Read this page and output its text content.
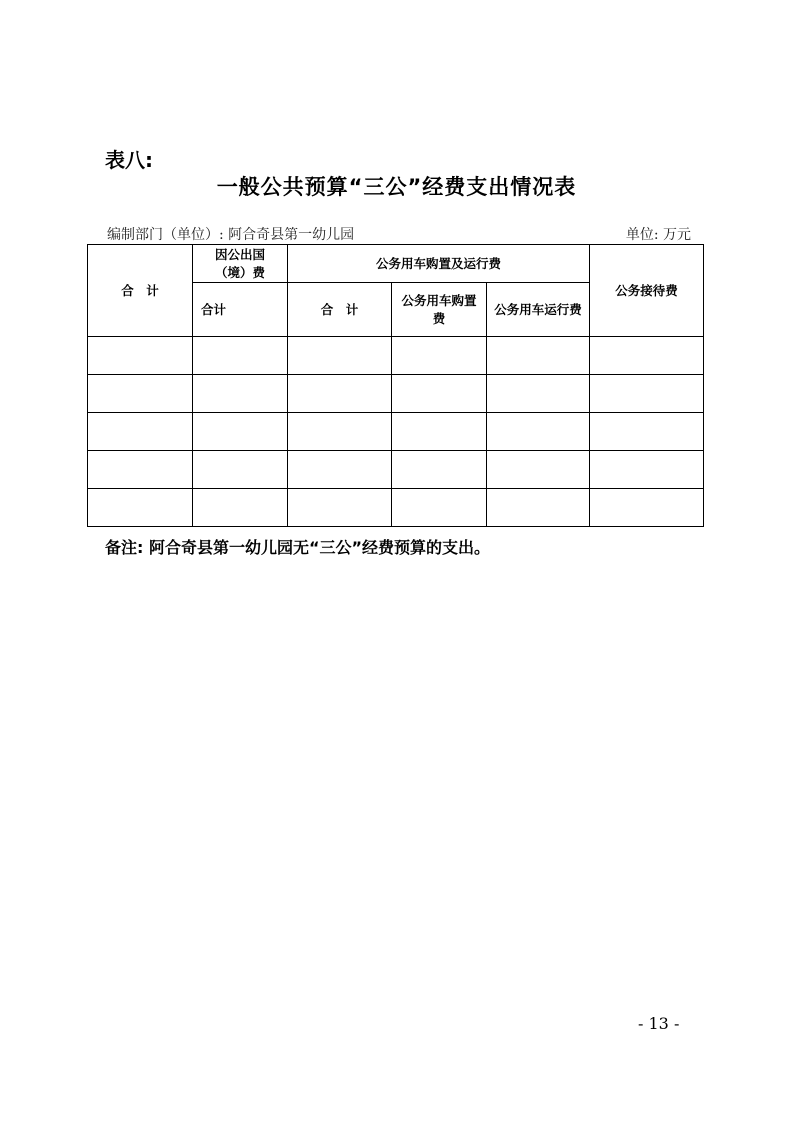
表八:
一般公共预算“三公”经费支出情况表
编制部门（单位）: 阿合奇县第一幼儿园	单位: 万元
合　计	因公出国（境）费	公务用车购置及运行费			公务接待费
	合计	合　计	公务用车购置费	公务用车运行费	

备注: 阿合奇县第一幼儿园无“三公”经费预算的支出。
- 13 -
